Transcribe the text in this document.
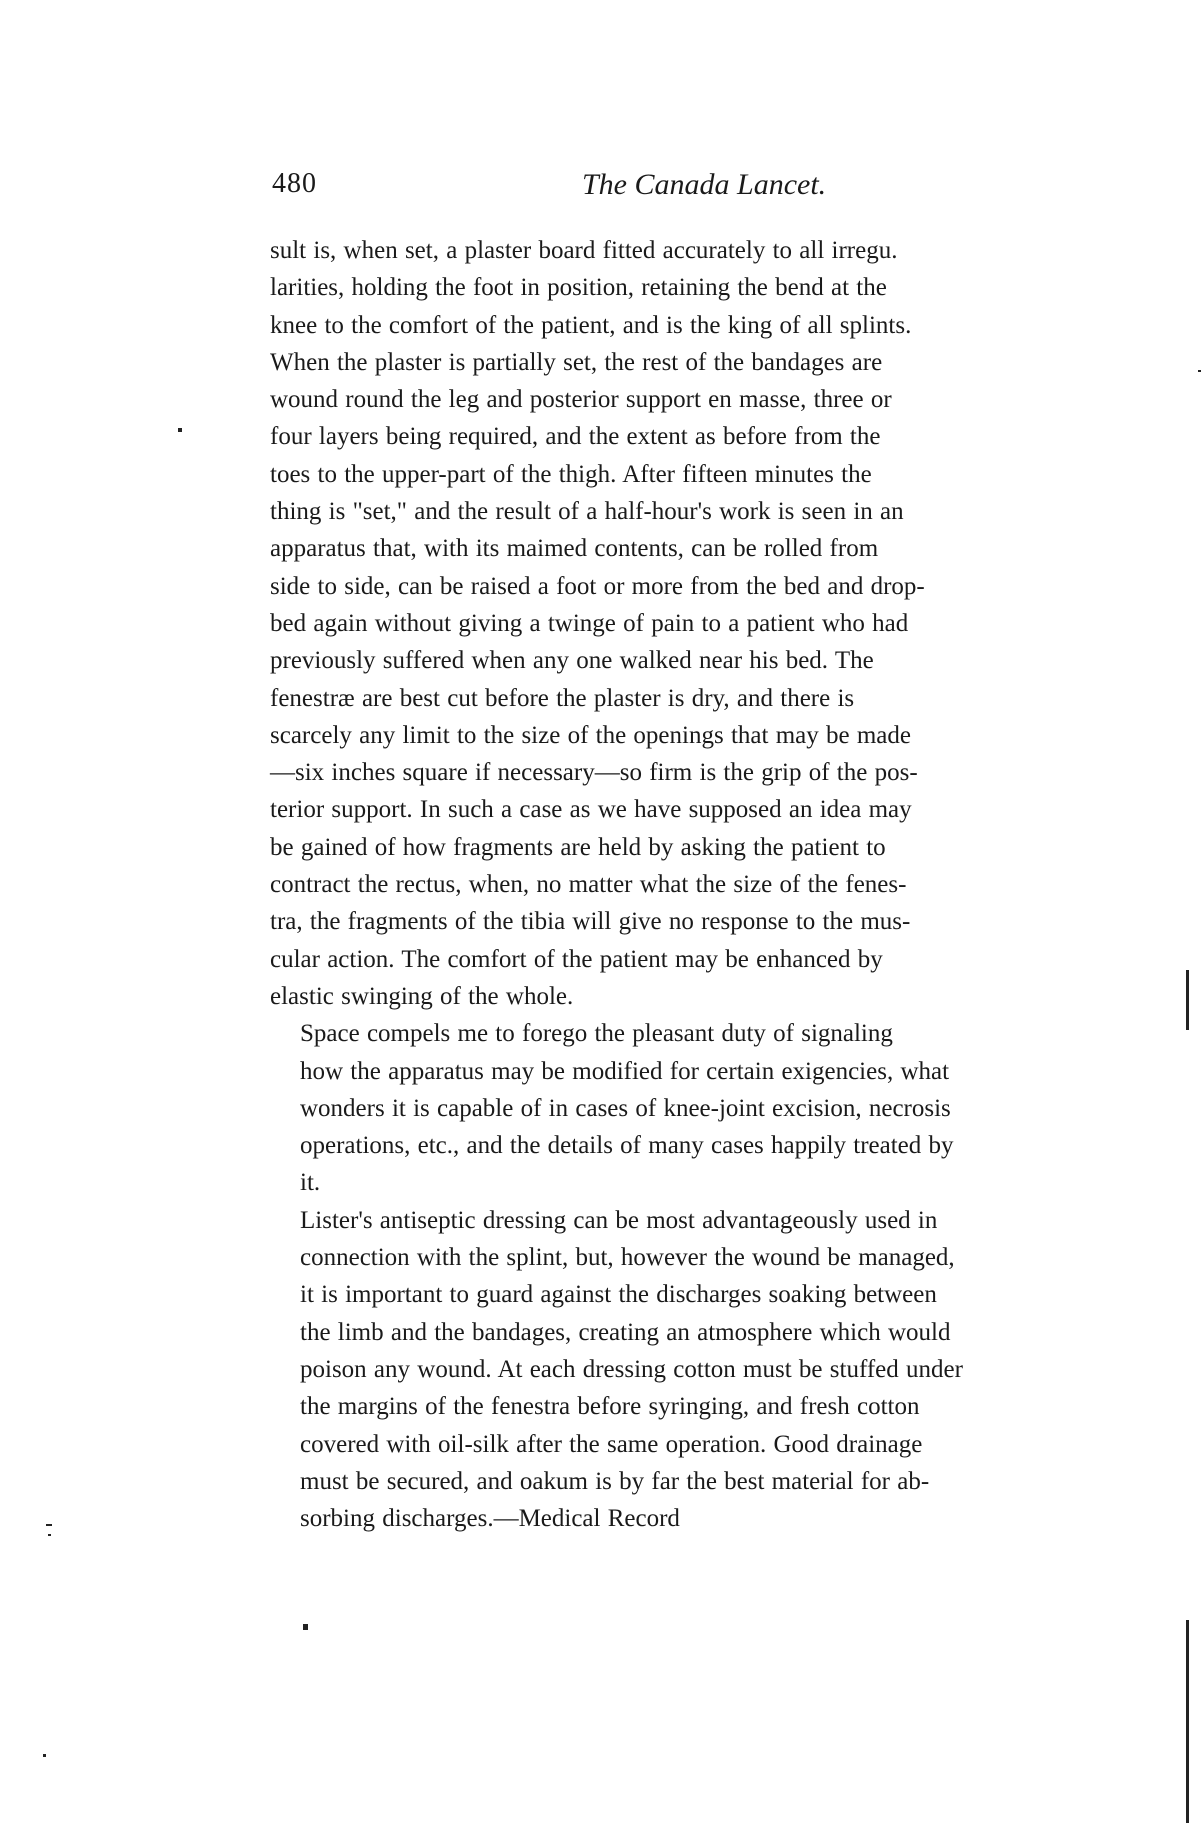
480	The Canada Lancet.

sult is, when set, a plaster board fitted accurately to all irregu.
larities, holding the foot in position, retaining the bend at the
knee to the comfort of the patient, and is the king of all splints.
When the plaster is partially set, the rest of the bandages are
wound round the leg and posterior support en masse, three or
four layers being required, and the extent as before from the
toes to the upper-part of the thigh. After fifteen minutes the
thing is "set," and the result of a half-hour's work is seen in an
apparatus that, with its maimed contents, can be rolled from
side to side, can be raised a foot or more from the bed and drop-
bed again without giving a twinge of pain to a patient who had
previously suffered when any one walked near his bed. The
fenestræ are best cut before the plaster is dry, and there is
scarcely any limit to the size of the openings that may be made
—six inches square if necessary—so firm is the grip of the pos-
terior support. In such a case as we have supposed an idea may
be gained of how fragments are held by asking the patient to
contract the rectus, when, no matter what the size of the fenes-
tra, the fragments of the tibia will give no response to the mus-
cular action. The comfort of the patient may be enhanced by
elastic swinging of the whole.

Space compels me to forego the pleasant duty of signaling
how the apparatus may be modified for certain exigencies, what
wonders it is capable of in cases of knee-joint excision, necrosis
operations, etc., and the details of many cases happily treated by
it.

Lister's antiseptic dressing can be most advantageously used in
connection with the splint, but, however the wound be managed,
it is important to guard against the discharges soaking between
the limb and the bandages, creating an atmosphere which would
poison any wound. At each dressing cotton must be stuffed under
the margins of the fenestra before syringing, and fresh cotton
covered with oil-silk after the same operation. Good drainage
must be secured, and oakum is by far the best material for ab-
sorbing discharges.—Medical Record
